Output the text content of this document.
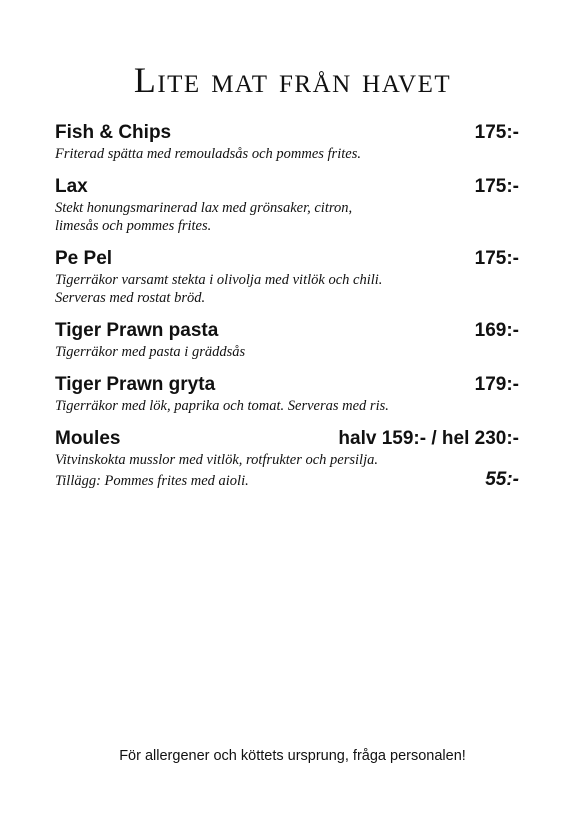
Lite mat från havet
Fish & Chips	175:-
Friterad spätta med remouladsås och pommes frites.
Lax	175:-
Stekt honungsmarinerad lax med grönsaker, citron,
limesås och pommes frites.
Pe Pel	175:-
Tigerräkor varsamt stekta i olivolja med vitlök och chili.
Serveras med rostat bröd.
Tiger Prawn pasta	169:-
Tigerräkor med pasta i gräddsås
Tiger Prawn gryta	179:-
Tigerräkor med lök, paprika och tomat. Serveras med ris.
Moules	halv 159:- / hel 230:-
Vitvinskokta musslor med vitlök, rotfrukter och persilja.
Tillägg: Pommes frites med aioli.	55:-
För allergener och köttets ursprung, fråga personalen!
